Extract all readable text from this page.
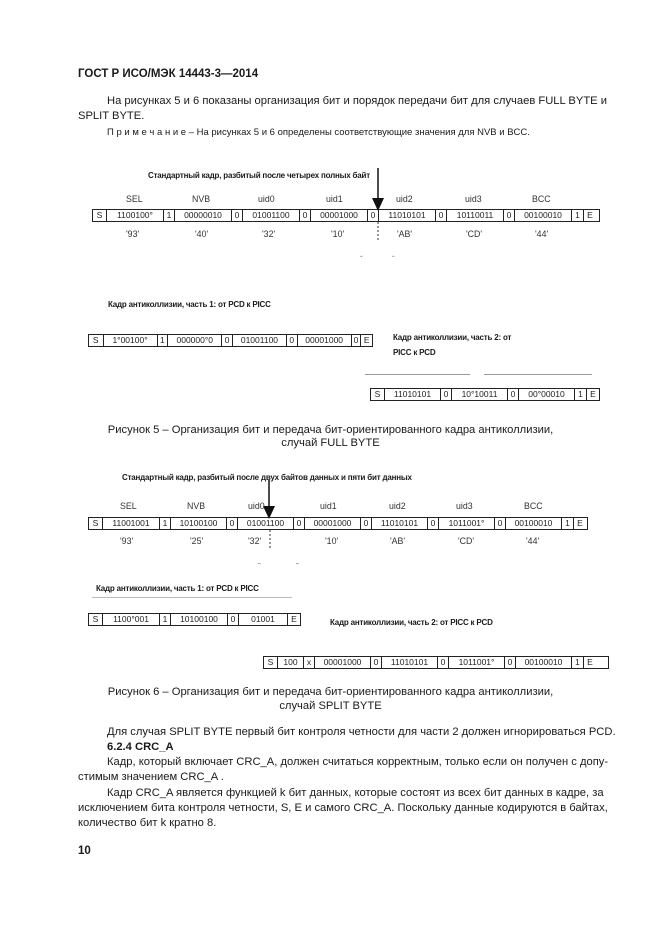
ГОСТ Р ИСО/МЭК 14443-3—2014
На рисунках 5 и 6 показаны организация бит и порядок передачи бит для случаев FULL BYTE и
SPLIT BYTE.
П р и м е ч а н и е – На рисунках 5 и 6 определены соответствующие значения для NVB и BCC.
Стандартный кадр, разбитый после четырех полных байт
SEL	NVB	uid0	uid1	uid2	uid3	BCC
S	1100100°	1	00000010	0	01001100	0	00001000	0	11010101	0	10110011	0	00100010	1 E
'93'	'40'	'32'	'10'	'AB'	'CD'	'44'
ˇ	ˆ
Кадр антиколлизии, часть 1: от PCD к PICC
S	1°00100°	1	000000°0	0	01001100	0	00001000	0 E	Кадр антиколлизии, часть 2: от
PICC к PCD
S	11010101	0	10°10011	0	00°00010	1 E
Рисунок 5 – Организация бит и передача бит-ориентированного кадра антиколлизии,
случай FULL BYTE
Стандартный кадр, разбитый после двух байтов данных и пяти бит данных
SEL	NVB	uid0	uid1	uid2	uid3	BCC
S	11001001	1	10100100	0	01001100	0	00001000	0	11010101	0	1011001°	0	00100010	1 E
'93'	'25'	'32'	'10'	'AB'	'CD'	'44'
˜	˜
Кадр антиколлизии, часть 1: от PCD к PICC
S	1100°001	1	10100100	0	01001	E	Кадр антиколлизии, часть 2: от PICC к PCD
S	100	x	00001000	0	11010101	0	1011001°	0	00100010	1 E
Рисунок 6 – Организация бит и передача бит-ориентированного кадра антиколлизии,
случай SPLIT BYTE
Для случая SPLIT BYTE первый бит контроля четности для части 2 должен игнорироваться PCD.
6.2.4 CRC_A
Кадр, который включает CRC_A, должен считаться корректным, только если он получен с допу-
стимым значением CRC_A .
Кадр CRC_A является функцией k бит данных, которые состоят из всех бит данных в кадре, за
исключением бита контроля четности, S, E и самого CRC_A. Поскольку данные кодируются в байтах,
количество бит k кратно 8.
10
